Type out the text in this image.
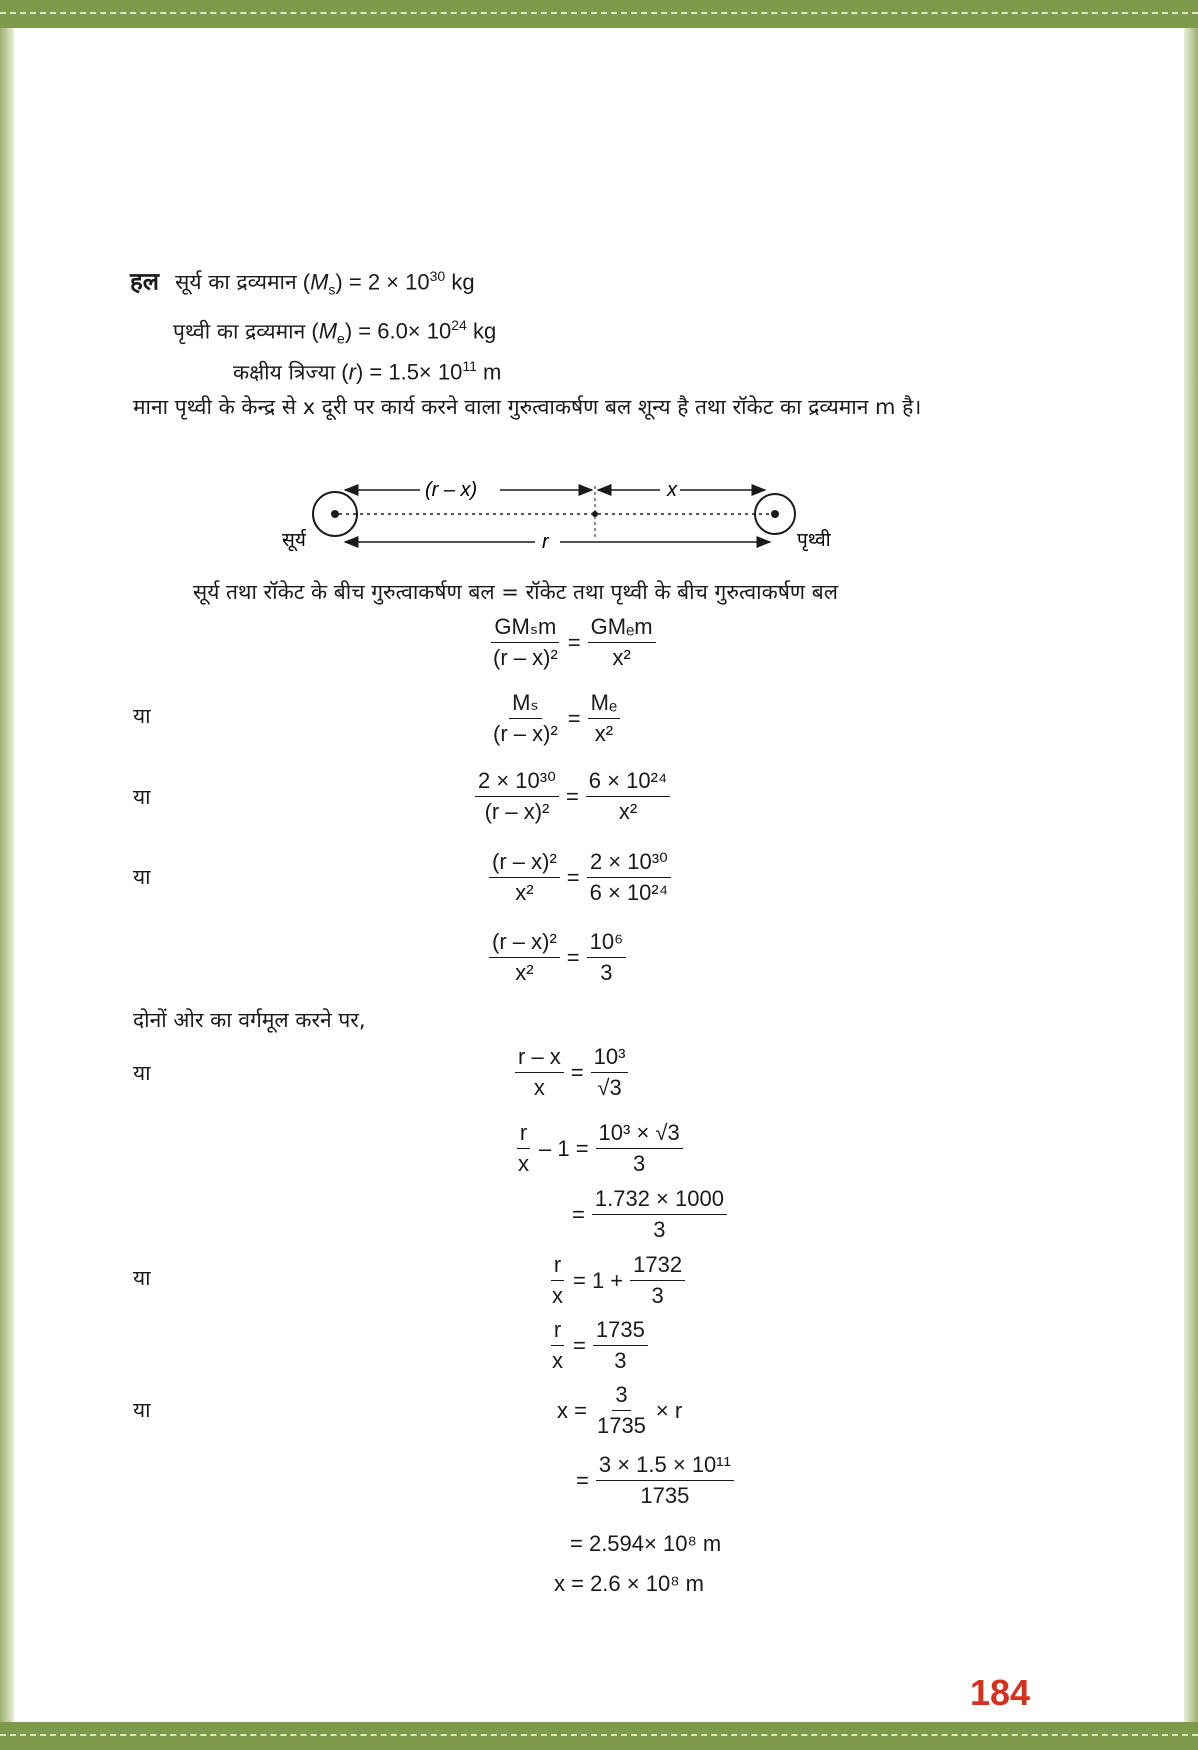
हल सूर्य का द्रव्यमान $(M_s) = 2 \times 10^{30}$ kg
पृथ्वी का द्रव्यमान $(M_e) = 6.0\times 10^{24}$ kg
कक्षीय त्रिज्या $(r) = 1.5\times 10^{11}$ m
माना पृथ्वी के केन्द्र से x दूरी पर कार्य करने वाला गुरुत्वाकर्षण बल शून्य है तथा रॉकेट का द्रव्यमान m है।
(r – x)	x
r
सूर्य	पृथ्वी
सूर्य तथा रॉकेट के बीच गुरुत्वाकर्षण बल = रॉकेट तथा पृथ्वी के बीच गुरुत्वाकर्षण बल
$\frac{\text{GMₛm}}{\text{(r – x)²}} = \frac{\text{GMₑm}}{\text{x²}}$
या	$\frac{\text{Mₛ}}{\text{(r – x)²}} = \frac{\text{Mₑ}}{\text{x²}}$
या	$\frac{\text{2 × 10³⁰}}{\text{(r – x)²}} = \frac{\text{6 × 10²⁴}}{\text{x²}}$
या	$\frac{\text{(r – x)²}}{\text{x²}} = \frac{\text{2 × 10³⁰}}{\text{6 × 10²⁴}}$
$\frac{\text{(r – x)²}}{\text{x²}} = \frac{\text{10⁶}}{3}$
दोनों ओर का वर्गमूल करने पर,
या	$\frac{r - x}{x} = \frac{\text{10³}}{√3}$
$\frac{r}{x} - 1 = \frac{\text{10³ × √3}}{3}$
= $\frac{1.732 \times 1000}{3}$
या	$\frac{r}{x} = 1 + \frac{1732}{3}$
$\frac{r}{x} = \frac{1735}{3}$
या	$x = \frac{3}{1735} \times r$
= $\frac{\text{3 × 1.5 × 10¹¹}}{1735}$
= 2.594× 10⁸ m
x = 2.6 × 10⁸ m
184
